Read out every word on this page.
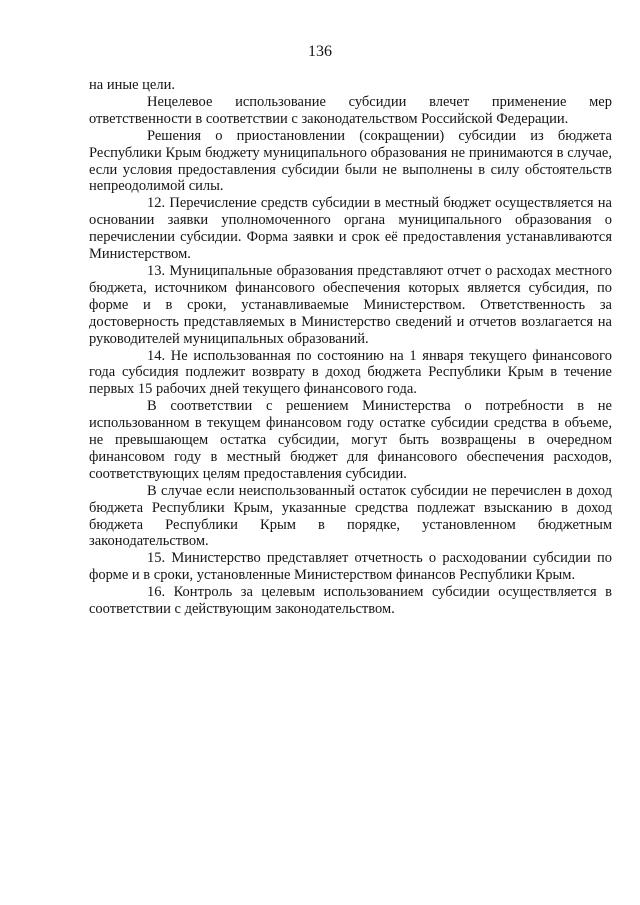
136

на иные цели.

Нецелевое использование субсидии влечет применение мер ответственности в соответствии с законодательством Российской Федерации.

Решения о приостановлении (сокращении) субсидии из бюджета Республики Крым бюджету муниципального образования не принимаются в случае, если условия предоставления субсидии были не выполнены в силу обстоятельств непреодолимой силы.

12. Перечисление средств субсидии в местный бюджет осуществляется на основании заявки уполномоченного органа муниципального образования о перечислении субсидии. Форма заявки и срок её предоставления устанавливаются Министерством.

13. Муниципальные образования представляют отчет о расходах местного бюджета, источником финансового обеспечения которых является субсидия, по форме и в сроки, устанавливаемые Министерством. Ответственность за достоверность представляемых в Министерство сведений и отчетов возлагается на руководителей муниципальных образований.

14. Не использованная по состоянию на 1 января текущего финансового года субсидия подлежит возврату в доход бюджета Республики Крым в течение первых 15 рабочих дней текущего финансового года.

В соответствии с решением Министерства о потребности в не использованном в текущем финансовом году остатке субсидии средства в объеме, не превышающем остатка субсидии, могут быть возвращены в очередном финансовом году в местный бюджет для финансового обеспечения расходов, соответствующих целям предоставления субсидии.

В случае если неиспользованный остаток субсидии не перечислен в доход бюджета Республики Крым, указанные средства подлежат взысканию в доход бюджета Республики Крым в порядке, установленном бюджетным законодательством.

15. Министерство представляет отчетность о расходовании субсидии по форме и в сроки, установленные Министерством финансов Республики Крым.

16. Контроль за целевым использованием субсидии осуществляется в соответствии с действующим законодательством.
